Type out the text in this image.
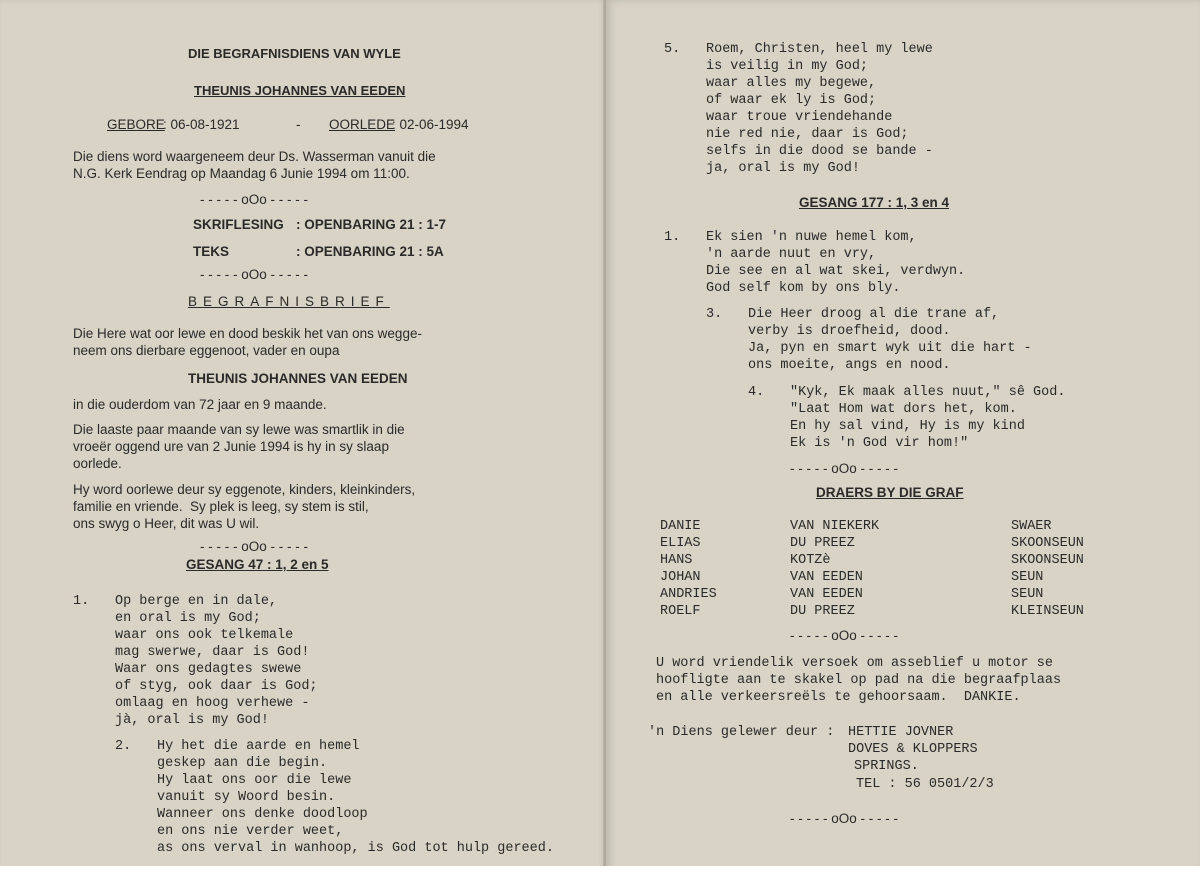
DIE BEGRAFNISDIENS VAN WYLE
THEUNIS JOHANNES VAN EEDEN
GEBORE
: 06-08-1921	- OORLEDE
: 02-06-1994
Die diens word waargeneem deur Ds. Wasserman vanuit die
N.G. Kerk Eendrag op Maandag 6 Junie 1994 om 11:00.
- - - - - oOo - - - - -
SKRIFLESING : OPENBARING 21 : 1-7
TEKS	: OPENBARING 21 : 5A
- - - - - oOo - - - - -
BEGRAFNISBRIEF
Die Here wat oor lewe en dood beskik het van ons wegge-
neem ons dierbare eggenoot, vader en oupa
THEUNIS JOHANNES VAN EEDEN
in die ouderdom van 72 jaar en 9 maande.
Die laaste paar maande van sy lewe was smartlik in die
vroeër oggend ure van 2 Junie 1994 is hy in sy slaap
oorlede.
Hy word oorlewe deur sy eggenote, kinders, kleinkinders,
familie en vriende.  Sy plek is leeg, sy stem is stil,
ons swyg o Heer, dit was U wil.
- - - - - oOo - - - - -
GESANG 47 : 1, 2 en 5
1. Op berge en in dale,
en oral is my God;
waar ons ook telkemale
mag swerwe, daar is God!
Waar ons gedagtes swewe
of styg, ook daar is God;
omlaag en hoog verhewe -
jà, oral is my God!
2. Hy het die aarde en hemel
geskep aan die begin.
Hy laat ons oor die lewe
vanuit sy Woord besin.
Wanneer ons denke doodloop
en ons nie verder weet,
as ons verval in wanhoop, is God tot hulp gereed.
5. Roem, Christen, heel my lewe
is veilig in my God;
waar alles my begewe,
of waar ek ly is God;
waar troue vriendehande
nie red nie, daar is God;
selfs in die dood se bande -
ja, oral is my God!
GESANG 177 : 1, 3 en 4
1. Ek sien 'n nuwe hemel kom,
'n aarde nuut en vry,
Die see en al wat skei, verdwyn.
God self kom by ons bly.
3. Die Heer droog al die trane af,
verby is droefheid, dood.
Ja, pyn en smart wyk uit die hart -
ons moeite, angs en nood.
4. "Kyk, Ek maak alles nuut," sê God.
"Laat Hom wat dors het, kom.
En hy sal vind, Hy is my kind
Ek is 'n God vir hom!"
- - - - - oOo - - - - -
DRAERS BY DIE GRAF
DANIE	VAN NIEKERK	SWAER
ELIAS	DU PREEZ	SKOONSEUN
HANS	KOTZè	SKOONSEUN
JOHAN	VAN EEDEN	SEUN
ANDRIES	VAN EEDEN	SEUN
ROELF	DU PREEZ	KLEINSEUN
- - - - - oOo - - - - -
U word vriendelik versoek om asseblief u motor se
hoofligte aan te skakel op pad na die begraafplaas
en alle verkeersreëls te gehoorsaam.  DANKIE.
'n Diens gelewer deur : HETTIE JOVNER
DOVES & KLOPPERS
SPRINGS.
TEL : 56 0501/2/3
- - - - - oOo - - - - -
